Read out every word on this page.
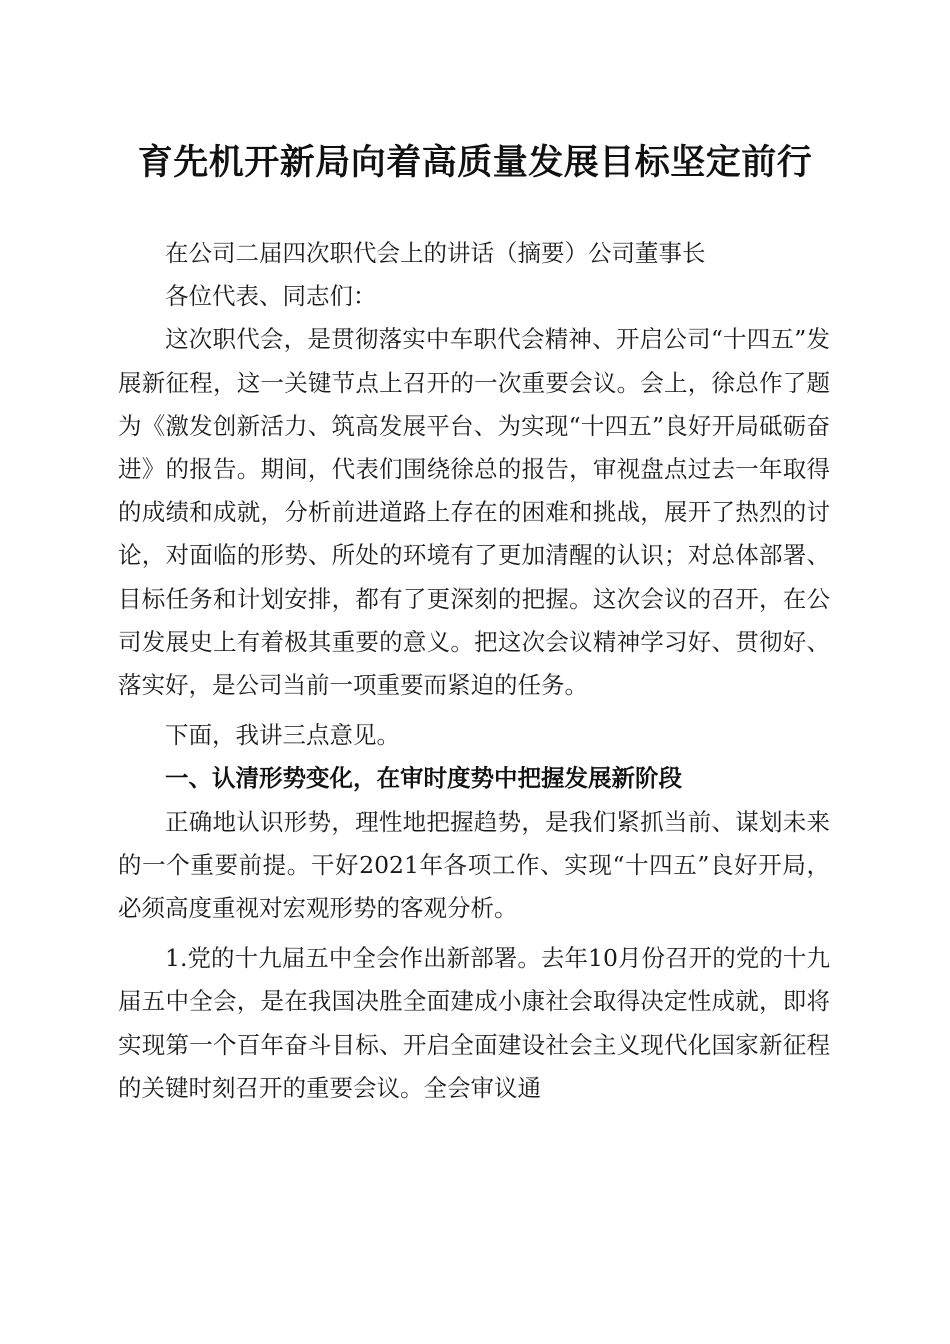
育先机开新局向着高质量发展目标坚定前行

在公司二届四次职代会上的讲话（摘要）公司董事长

各位代表、同志们：

这次职代会，是贯彻落实中车职代会精神、开启公司“十四五”发展新征程，这一关键节点上召开的一次重要会议。会上，徐总作了题为《激发创新活力、筑高发展平台、为实现“十四五”良好开局砥砺奋进》的报告。期间，代表们围绕徐总的报告，审视盘点过去一年取得的成绩和成就，分析前进道路上存在的困难和挑战，展开了热烈的讨论，对面临的形势、所处的环境有了更加清醒的认识；对总体部署、目标任务和计划安排，都有了更深刻的把握。这次会议的召开，在公司发展史上有着极其重要的意义。把这次会议精神学习好、贯彻好、落实好，是公司当前一项重要而紧迫的任务。

下面，我讲三点意见。

一、认清形势变化，在审时度势中把握发展新阶段

正确地认识形势，理性地把握趋势，是我们紧抓当前、谋划未来的一个重要前提。干好2021年各项工作、实现“十四五”良好开局，必须高度重视对宏观形势的客观分析。

1.党的十九届五中全会作出新部署。去年10月份召开的党的十九届五中全会，是在我国决胜全面建成小康社会取得决定性成就，即将实现第一个百年奋斗目标、开启全面建设社会主义现代化国家新征程的关键时刻召开的重要会议。全会审议通
